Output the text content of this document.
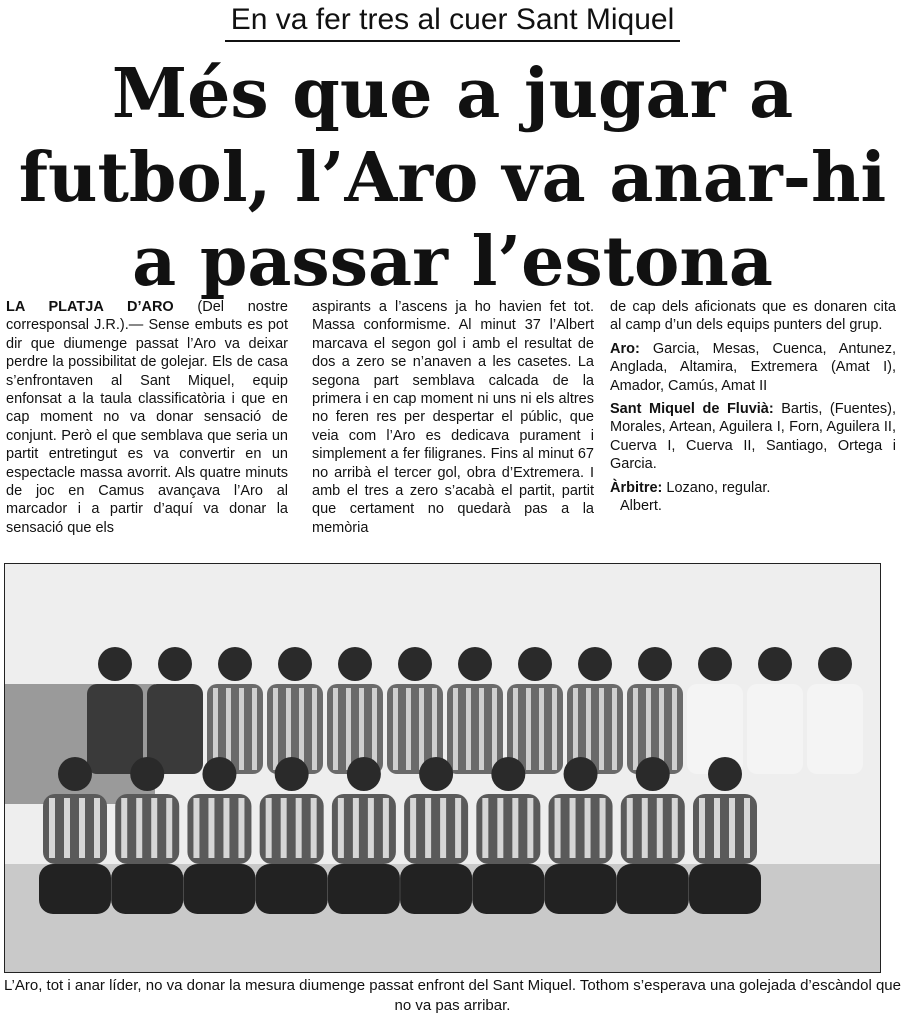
En va fer tres al cuer Sant Miquel
Més que a jugar a
futbol, l’Aro va anar-hi
a passar l’estona
LA PLATJA D’ARO (Del nostre corresponsal J.R.).— Sense embuts es pot dir que diumenge passat l’Aro va deixar perdre la possibilitat de golejar. Els de casa s’enfrontaven al Sant Miquel, equip enfonsat a la taula classificatòria i que en cap moment no va donar sensació de conjunt. Però el que semblava que seria un partit entretingut es va convertir en un espectacle massa avorrit. Als quatre minuts de joc en Camus avançava l’Aro al marcador i a partir d’aquí va donar la sensació que els
aspirants a l’ascens ja ho havien fet tot. Massa conformisme. Al minut 37 l’Albert marcava el segon gol i amb el resultat de dos a zero se n’anaven a les casetes. La segona part semblava calcada de la primera i en cap moment ni uns ni els altres no feren res per despertar el públic, que veia com l’Aro es dedicava purament i simplement a fer filigranes. Fins al minut 67 no arribà el tercer gol, obra d’Extremera. I amb el tres a zero s’acabà el partit, partit que certament no quedarà pas a la memòria

de cap dels aficionats que es donaren cita al camp d’un dels equips punters del grup.

Aro: Garcia, Mesas, Cuenca, Antunez, Anglada, Altamira, Extremera (Amat I), Amador, Camús, Amat II

Sant Miquel de Fluvià: Bartis, (Fuentes), Morales, Artean, Aguilera I, Forn, Aguilera II, Cuerva I, Cuerva II, Santiago, Ortega i Garcia.

Àrbitre: Lozano, regular.

Albert.

L’Aro, tot i anar líder, no va donar la mesura diumenge passat enfront del Sant Miquel. Tothom s’esperava una golejada d’escàndol que no va pas arribar.
